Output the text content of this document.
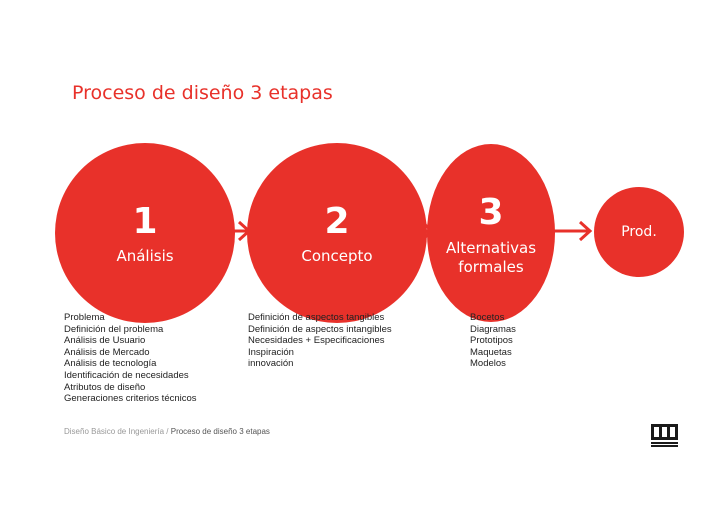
Proceso de diseño 3 etapas
1
Análisis
2
Concepto
3
Alternativas
formales
Prod.
Problema
Definición del problema
Análisis de Usuario
Análisis de Mercado
Análisis de tecnología
Identificación de necesidades
Atributos de diseño
Generaciones criterios técnicos
Definición de aspectos tangibles
Definición de aspectos intangibles
Necesidades + Especificaciones
Inspiración
innovación
Bocetos
Diagramas
Prototipos
Maquetas
Modelos
Diseño Básico de Ingeniería / Proceso de diseño 3 etapas
